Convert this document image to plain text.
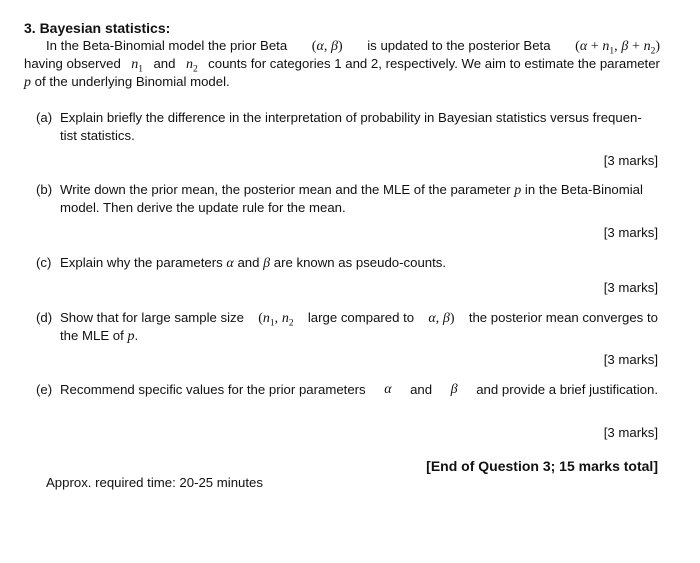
3. Bayesian statistics:
In the Beta-Binomial model the prior Beta (α, β) is updated to the posterior Beta ($\alpha + n_1$, $\beta + n_2$)
having observed $n_1$ and $n_2$ counts for categories 1 and 2, respectively. We aim to estimate the parameter
p of the underlying Binomial model.
(a) Explain briefly the difference in the interpretation of probability in Bayesian statistics versus frequen-
tist statistics.
[3 marks]
(b) Write down the prior mean, the posterior mean and the MLE of the parameter p in the Beta-Binomial
model. Then derive the update rule for the mean.
[3 marks]
(c) Explain why the parameters α and β are known as pseudo-counts.
[3 marks]
(d) Show that for large sample size ($n_1$, $n_2$ large compared to α, β) the posterior mean converges to
the MLE of p.
[3 marks]
(e) Recommend specific values for the prior parameters α and β and provide a brief justification.
[3 marks]
[End of Question 3; 15 marks total]
Approx. required time: 20-25 minutes
